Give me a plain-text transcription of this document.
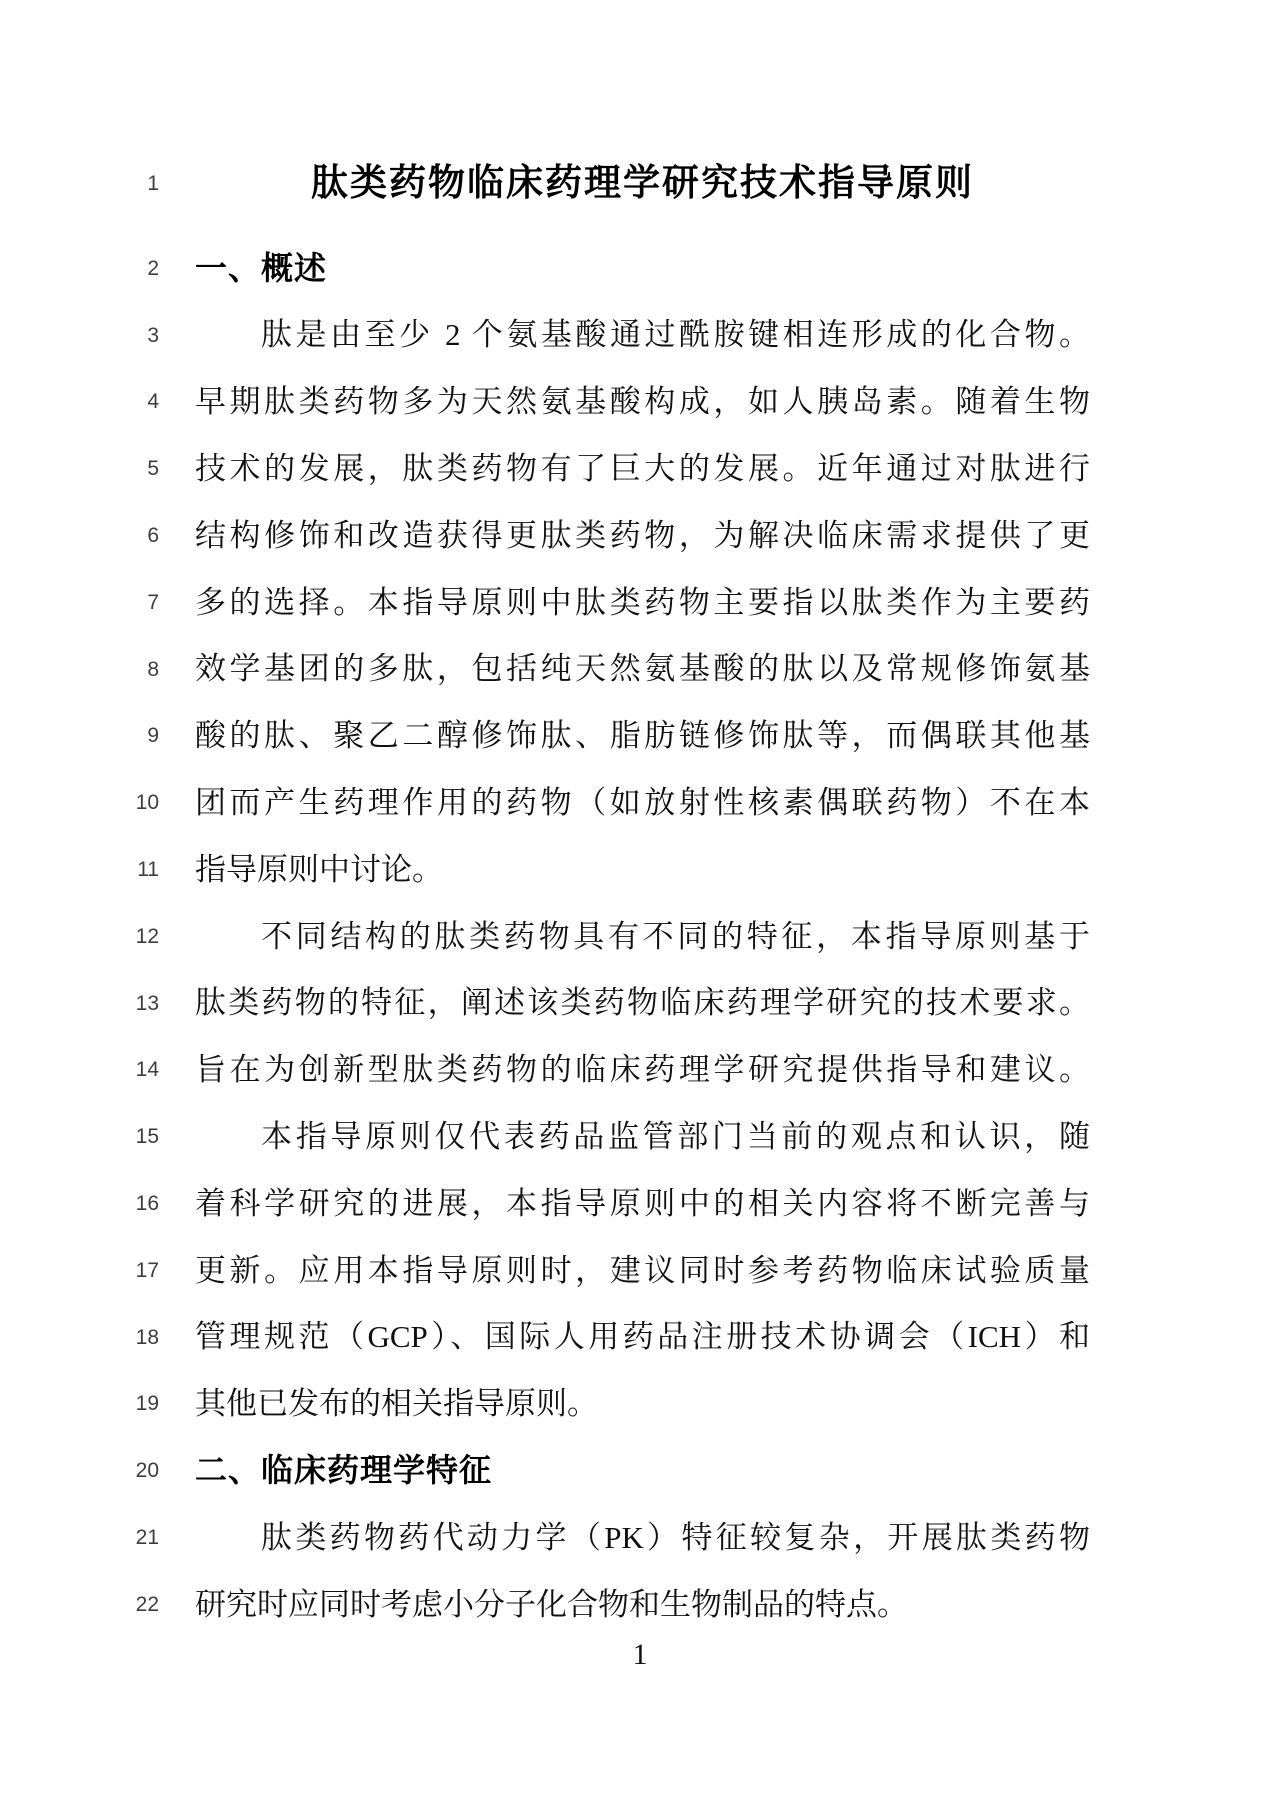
1	肽类药物临床药理学研究技术指导原则
2 一、概述
3	肽是由至少 2 个氨基酸通过酰胺键相连形成的化合物。
4 早期肽类药物多为天然氨基酸构成，如人胰岛素。随着生物
5 技术的发展，肽类药物有了巨大的发展。近年通过对肽进行
6 结构修饰和改造获得更肽类药物，为解决临床需求提供了更
7 多的选择。本指导原则中肽类药物主要指以肽类作为主要药
8 效学基团的多肽，包括纯天然氨基酸的肽以及常规修饰氨基
9 酸的肽、聚乙二醇修饰肽、脂肪链修饰肽等，而偶联其他基
10 团而产生药理作用的药物（如放射性核素偶联药物）不在本
11 指导原则中讨论。
12	不同结构的肽类药物具有不同的特征，本指导原则基于
13 肽类药物的特征，阐述该类药物临床药理学研究的技术要求。
14 旨在为创新型肽类药物的临床药理学研究提供指导和建议。
15	本指导原则仅代表药品监管部门当前的观点和认识，随
16 着科学研究的进展，本指导原则中的相关内容将不断完善与
17 更新。应用本指导原则时，建议同时参考药物临床试验质量
18 管理规范（GCP）、国际人用药品注册技术协调会（ICH）和
19 其他已发布的相关指导原则。
20 二、临床药理学特征
21	肽类药物药代动力学（PK）特征较复杂，开展肽类药物
22 研究时应同时考虑小分子化合物和生物制品的特点。
1
